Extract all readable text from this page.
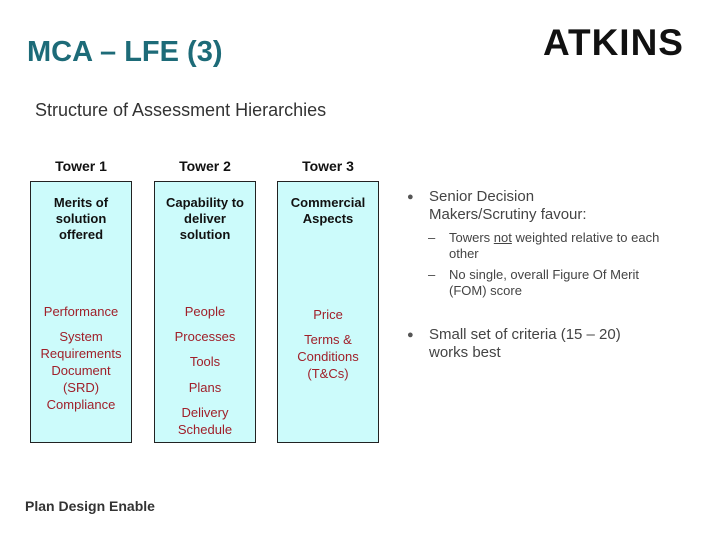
MCA – LFE (3)	ATKINS
Structure of Assessment Hierarchies
Tower 1	Tower 2	Tower 3
Merits of solution offered
Performance
System Requirements Document (SRD) Compliance
Capability to deliver solution
People
Processes
Tools
Plans
Delivery Schedule
Commercial Aspects
Price
Terms & Conditions (T&Cs)
●	Senior Decision Makers/Scrutiny favour:
–	Towers not weighted relative to each other
–	No single, overall Figure Of Merit (FOM) score
●	Small set of criteria (15 – 20) works best
Plan Design Enable
